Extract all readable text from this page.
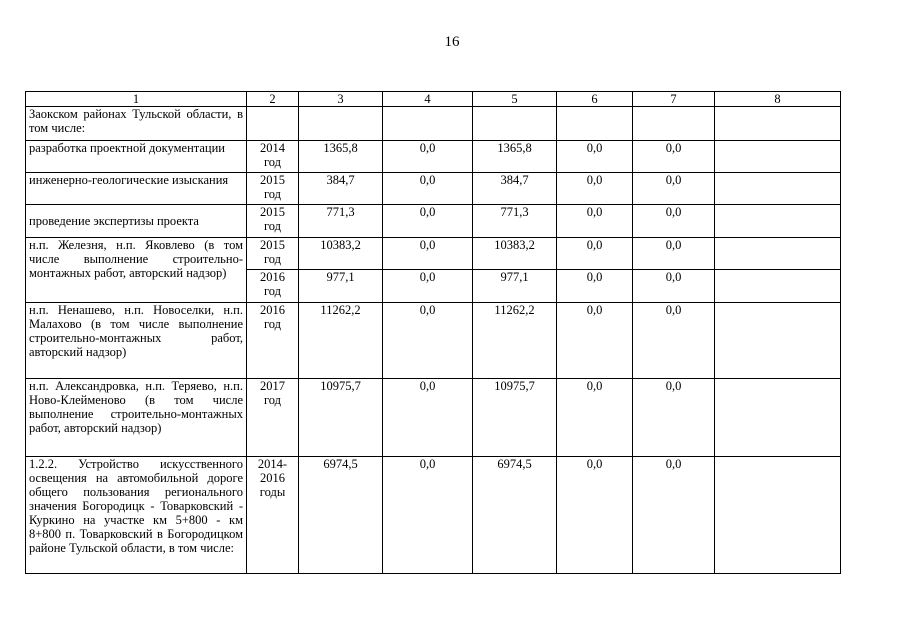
16
1	2	3	4	5	6	7	8
Заокском районах Тульской области, в том числе:							
разработка проектной документации	2014 год	1365,8	0,0	1365,8	0,0	0,0	
инженерно-геологические изыскания	2015 год	384,7	0,0	384,7	0,0	0,0	
проведение экспертизы проекта	2015 год	771,3	0,0	771,3	0,0	0,0	
н.п. Железня, н.п. Яковлево (в том числе выполнение строительно-монтажных работ, авторский надзор)	2015 год	10383,2	0,0	10383,2	0,0	0,0	
	2016 год	977,1	0,0	977,1	0,0	0,0	
н.п. Ненашево, н.п. Новоселки, н.п. Малахово (в том числе выполнение строительно-монтажных работ, авторский надзор)	2016 год	11262,2	0,0	11262,2	0,0	0,0	
н.п. Александровка, н.п. Теряево, н.п. Ново-Клейменово (в том числе выполнение строительно-монтажных работ, авторский надзор)	2017 год	10975,7	0,0	10975,7	0,0	0,0	
1.2.2. Устройство искусственного освещения на автомобильной дороге общего пользования регионального значения Богородицк - Товарковский - Куркино на участке км 5+800 - км 8+800 п. Товарковский в Богородицком районе Тульской области, в том числе:	2014-2016 годы	6974,5	0,0	6974,5	0,0	0,0	
